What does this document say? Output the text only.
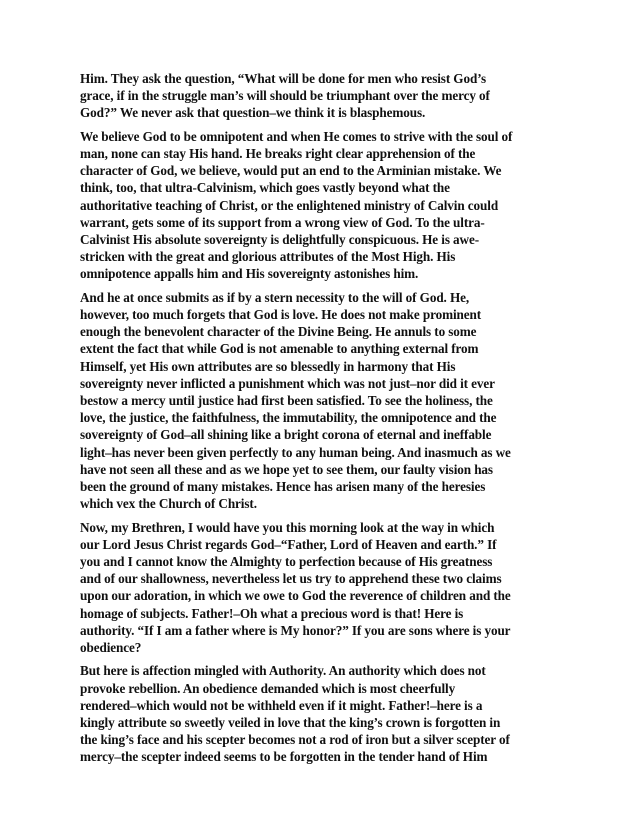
Him. They ask the question, “What will be done for men who resist God’s
grace, if in the struggle man’s will should be triumphant over the mercy of
God?” We never ask that question–we think it is blasphemous.

We believe God to be omnipotent and when He comes to strive with the soul of
man, none can stay His hand. He breaks right clear apprehension of the
character of God, we believe, would put an end to the Arminian mistake. We
think, too, that ultra-Calvinism, which goes vastly beyond what the
authoritative teaching of Christ, or the enlightened ministry of Calvin could
warrant, gets some of its support from a wrong view of God. To the ultra-
Calvinist His absolute sovereignty is delightfully conspicuous. He is awe-
stricken with the great and glorious attributes of the Most High. His
omnipotence appalls him and His sovereignty astonishes him.

And he at once submits as if by a stern necessity to the will of God. He,
however, too much forgets that God is love. He does not make prominent
enough the benevolent character of the Divine Being. He annuls to some
extent the fact that while God is not amenable to anything external from
Himself, yet His own attributes are so blessedly in harmony that His
sovereignty never inflicted a punishment which was not just–nor did it ever
bestow a mercy until justice had first been satisfied. To see the holiness, the
love, the justice, the faithfulness, the immutability, the omnipotence and the
sovereignty of God–all shining like a bright corona of eternal and ineffable
light–has never been given perfectly to any human being. And inasmuch as we
have not seen all these and as we hope yet to see them, our faulty vision has
been the ground of many mistakes. Hence has arisen many of the heresies
which vex the Church of Christ.

Now, my Brethren, I would have you this morning look at the way in which
our Lord Jesus Christ regards God–“Father, Lord of Heaven and earth.” If
you and I cannot know the Almighty to perfection because of His greatness
and of our shallowness, nevertheless let us try to apprehend these two claims
upon our adoration, in which we owe to God the reverence of children and the
homage of subjects. Father!–Oh what a precious word is that! Here is
authority. “If I am a father where is My honor?” If you are sons where is your
obedience?

But here is affection mingled with Authority. An authority which does not
provoke rebellion. An obedience demanded which is most cheerfully
rendered–which would not be withheld even if it might. Father!–here is a
kingly attribute so sweetly veiled in love that the king’s crown is forgotten in
the king’s face and his scepter becomes not a rod of iron but a silver scepter of
mercy–the scepter indeed seems to be forgotten in the tender hand of Him
